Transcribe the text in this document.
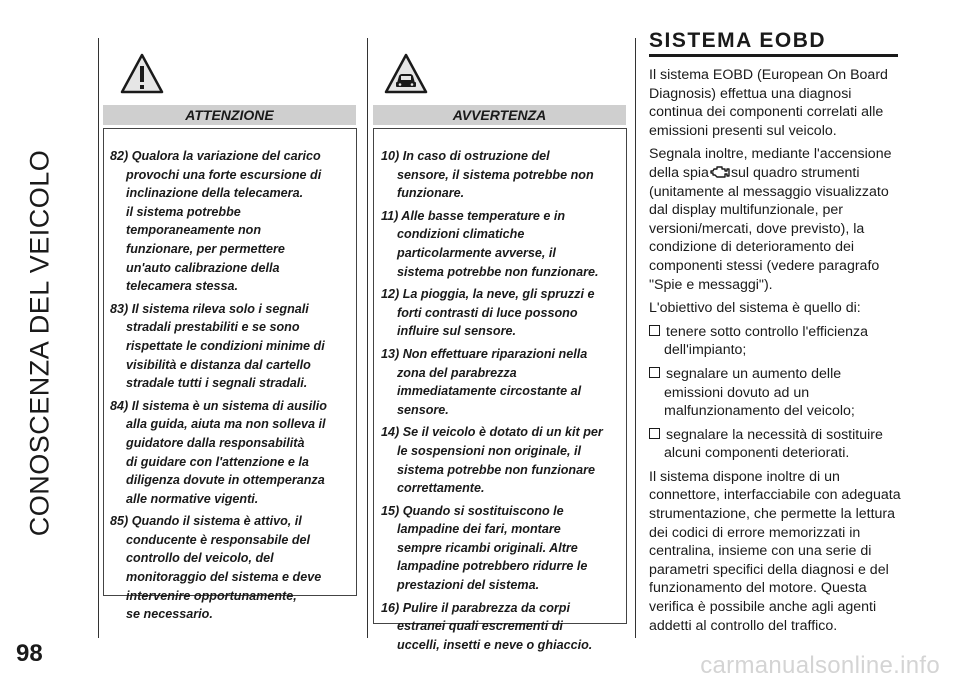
CONOSCENZA DEL VEICOLO
ATTENZIONE
82) Qualora la variazione del carico
provochi una forte escursione di
inclinazione della telecamera.
il sistema potrebbe
temporaneamente non
funzionare, per permettere
un'auto calibrazione della
telecamera stessa.
83) Il sistema rileva solo i segnali
stradali prestabiliti e se sono
rispettate le condizioni minime di
visibilità e distanza dal cartello
stradale tutti i segnali stradali.
84) Il sistema è un sistema di ausilio
alla guida, aiuta ma non solleva il
guidatore dalla responsabilità
di guidare con l'attenzione e la
diligenza dovute in ottemperanza
alle normative vigenti.
85) Quando il sistema è attivo, il
conducente è responsabile del
controllo del veicolo, del
monitoraggio del sistema e deve
intervenire opportunamente,
se necessario.
AVVERTENZA
10) In caso di ostruzione del
sensore, il sistema potrebbe non
funzionare.
11) Alle basse temperature e in
condizioni climatiche
particolarmente avverse, il
sistema potrebbe non funzionare.
12) La pioggia, la neve, gli spruzzi e
forti contrasti di luce possono
influire sul sensore.
13) Non effettuare riparazioni nella
zona del parabrezza
immediatamente circostante al
sensore.
14) Se il veicolo è dotato di un kit per
le sospensioni non originale, il
sistema potrebbe non funzionare
correttamente.
15) Quando si sostituiscono le
lampadine dei fari, montare
sempre ricambi originali. Altre
lampadine potrebbero ridurre le
prestazioni del sistema.
16) Pulire il parabrezza da corpi
estranei quali escrementi di
uccelli, insetti e neve o ghiaccio.
SISTEMA EOBD

Il sistema EOBD (European On Board Diagnosis) effettua una diagnosi continua dei componenti correlati alle emissioni presenti sul veicolo.

Segnala inoltre, mediante l'accensione della spia sul quadro strumenti (unitamente al messaggio visualizzato dal display multifunzionale, per versioni/mercati, dove previsto), la condizione di deterioramento dei componenti stessi (vedere paragrafo "Spie e messaggi").

L'obiettivo del sistema è quello di:

tenere sotto controllo l'efficienza dell'impianto;

segnalare un aumento delle emissioni dovuto ad un malfunzionamento del veicolo;

segnalare la necessità di sostituire alcuni componenti deteriorati.

Il sistema dispone inoltre di un connettore, interfacciabile con adeguata strumentazione, che permette la lettura dei codici di errore memorizzati in centralina, insieme con una serie di parametri specifici della diagnosi e del funzionamento del motore. Questa verifica è possibile anche agli agenti addetti al controllo del traffico.

98	carmanualsonline.info
